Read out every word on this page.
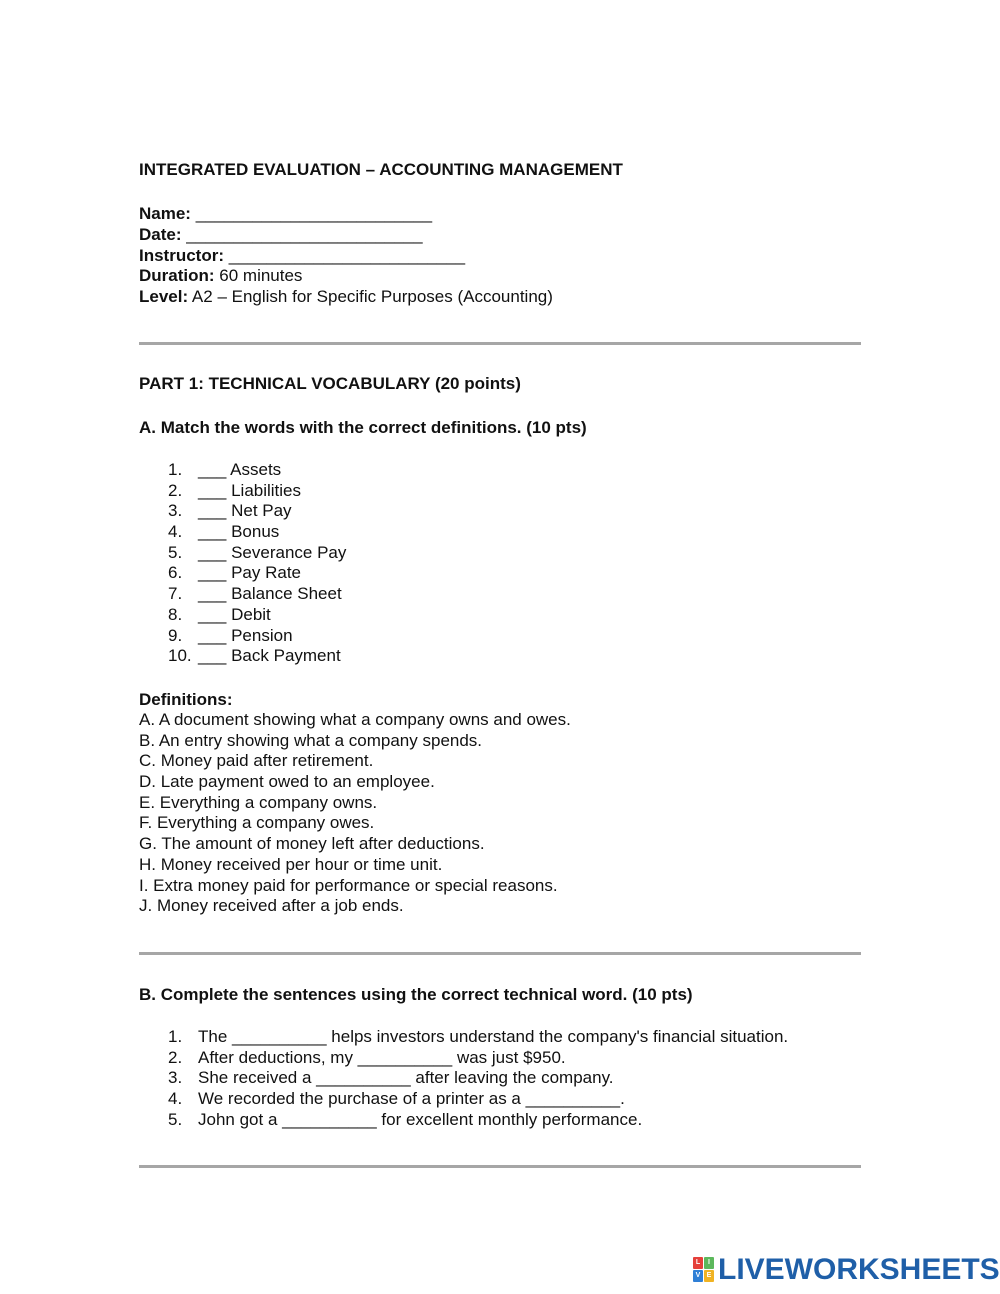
INTEGRATED EVALUATION – ACCOUNTING MANAGEMENT
Name: _________________________
Date: _________________________
Instructor: _________________________
Duration: 60 minutes
Level: A2 – English for Specific Purposes (Accounting)
PART 1: TECHNICAL VOCABULARY (20 points)
A. Match the words with the correct definitions. (10 pts)
1. ___ Assets
2. ___ Liabilities
3. ___ Net Pay
4. ___ Bonus
5. ___ Severance Pay
6. ___ Pay Rate
7. ___ Balance Sheet
8. ___ Debit
9. ___ Pension
10. ___ Back Payment
Definitions:
A. A document showing what a company owns and owes.
B. An entry showing what a company spends.
C. Money paid after retirement.
D. Late payment owed to an employee.
E. Everything a company owns.
F. Everything a company owes.
G. The amount of money left after deductions.
H. Money received per hour or time unit.
I. Extra money paid for performance or special reasons.
J. Money received after a job ends.
B. Complete the sentences using the correct technical word. (10 pts)
1. The __________ helps investors understand the company's financial situation.
2. After deductions, my __________ was just $950.
3. She received a __________ after leaving the company.
4. We recorded the purchase of a printer as a __________.
5. John got a __________ for excellent monthly performance.
L	I
V E LIVEWORKSHEETS
